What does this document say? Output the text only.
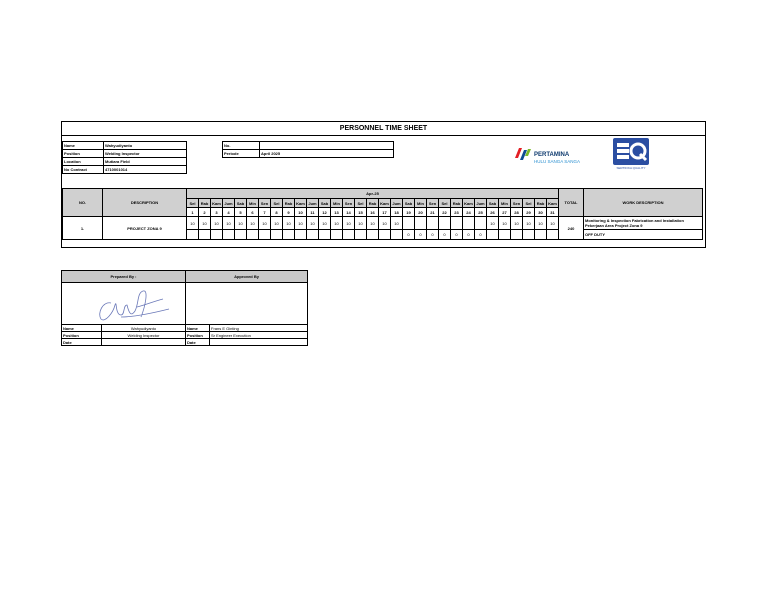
PERSONNEL TIME SHEET
Name	Wahyudiyanto
Position	Welding Inspector
Location	Mutiara Field
No Contract	4710001014
No.	
Periode	April 2025	PERTAMINA
HULU SANGA SANGA
SERTIFIKA QUALITY
NO.	DESCRIPTION	Apr-25																															TOTAL	WORK DESCRIPTION
		Sel	Rab	Kam	Jum	Sab	Min	Sen	Sel	Rab	Kam	Jum	Sab	Min	Sen	Sel	Rab	Kam	Jum	Sab	Min	Sen	Sel	Rab	Kam	Jum	Sab	Min	Sen	Sel	Rab	Kam		
		1	2	3	4	5	6	7	8	9	10	11	12	13	14	15	16	17	18	19	20	21	22	23	24	25	26	27	28	29	30	31		
1.	PROJECT ZONA 9	10	10	10	10	10	10	10	10	10	10	10	10	10	10	10	10	10	10								10	10	10	10	10	10	240	Monitoring & Inspection Fabrication and Installation Pekerjaan Area Project Zona 9
																				0	0	0	0	0	0	0								OFF DUTY
Prepared By :		Approved By	

Name	Wahyudiyanto	Name	Frans E Ginting
Position	Welding Inspector	Position	Sr Engineer Execution
Date		Date	
